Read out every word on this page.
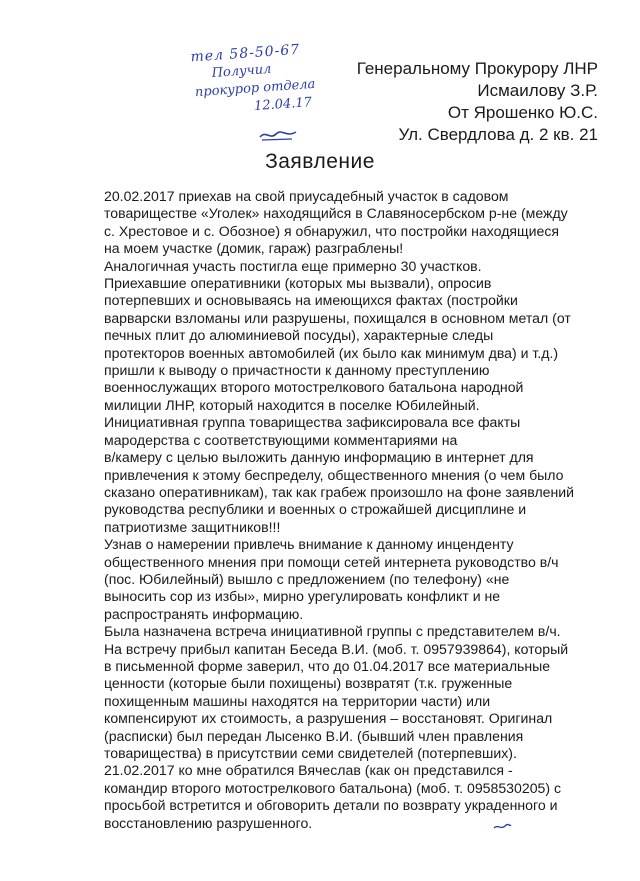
тел 58-50-67
Получил
прокурор отдела
12.04.17
Генеральному Прокурору ЛНР
Исмаилову З.Р.
От Ярошенко Ю.С.
Ул. Свердлова д. 2 кв. 21
Заявление
20.02.2017 приехав на свой приусадебный участок в садовом
товариществе «Уголек» находящийся в Славяносербском р-не (между
с. Хрестовое и с. Обозное) я обнаружил, что постройки находящиеся
на моем участке (домик, гараж) разграблены!
Аналогичная участь постигла еще примерно 30 участков.
Приехавшие оперативники (которых мы вызвали), опросив
потерпевших и основываясь на имеющихся фактах (постройки
варварски взломаны или разрушены, похищался в основном метал (от
печных плит до алюминиевой посуды), характерные следы
протекторов военных автомобилей (их было как минимум два) и т.д.)
пришли к выводу о причастности к данному преступлению
военнослужащих второго мотострелкового батальона народной
милиции ЛНР, который находится в поселке Юбилейный.
Инициативная группа товарищества зафиксировала все факты
мародерства с соответствующими комментариями на
в/камеру с целью выложить данную информацию в интернет для
привлечения к этому беспределу, общественного мнения (о чем было
сказано оперативникам), так как грабеж произошло на фоне заявлений
руководства республики и военных о строжайшей дисциплине и
патриотизме защитников!!!
Узнав о намерении привлечь внимание к данному инценденту
общественного мнения при помощи сетей интернета руководство в/ч
(пос. Юбилейный) вышло с предложением (по телефону) «не
выносить сор из избы», мирно урегулировать конфликт и не
распространять информацию.
Была назначена встреча инициативной группы с представителем в/ч.
На встречу прибыл капитан Беседа В.И. (моб. т. 0957939864), который
в письменной форме заверил, что до 01.04.2017 все материальные
ценности (которые были похищены) возвратят (т.к. груженные
похищенным машины находятся на территории части) или
компенсируют их стоимость, а разрушения – восстановят. Оригинал
(расписки) был передан Лысенко В.И. (бывший член правления
товарищества) в присутствии семи свидетелей (потерпевших).
21.02.2017 ко мне обратился Вячеслав (как он представился -
командир второго мотострелкового батальона) (моб. т. 0958530205) с
просьбой встретится и обговорить детали по возврату украденного и
восстановлению разрушенного.
